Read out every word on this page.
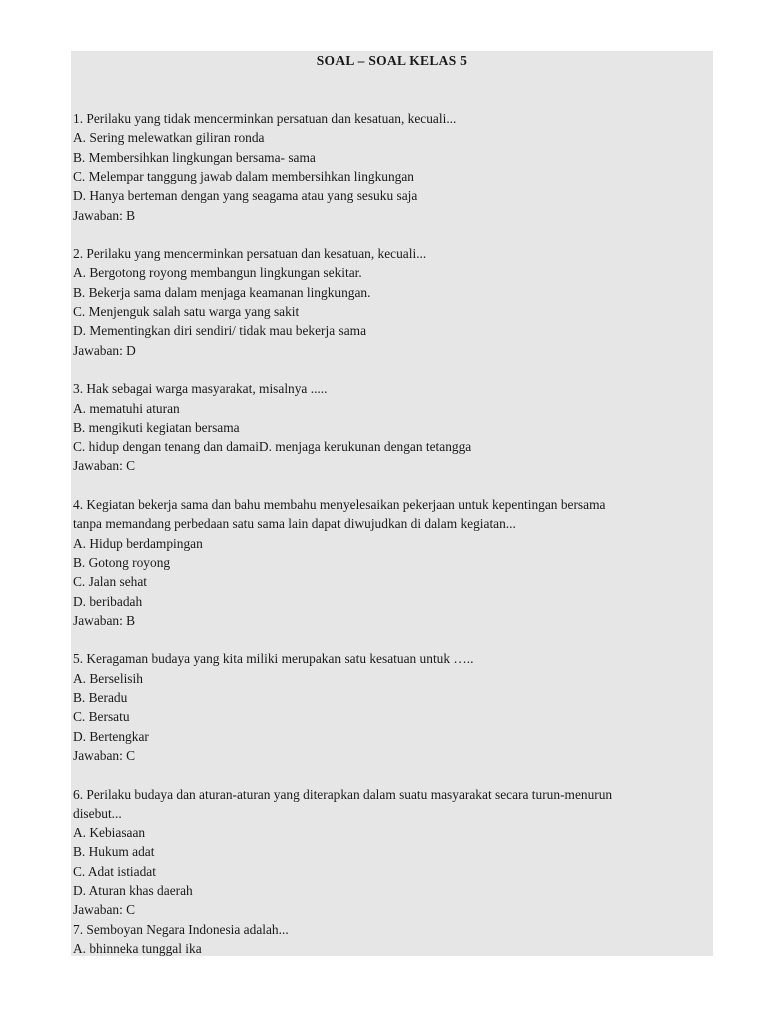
SOAL – SOAL KELAS 5
1. Perilaku yang tidak mencerminkan persatuan dan kesatuan, kecuali...
A. Sering melewatkan giliran ronda
B. Membersihkan lingkungan bersama- sama
C. Melempar tanggung jawab dalam membersihkan lingkungan
D. Hanya berteman dengan yang seagama atau yang sesuku saja
Jawaban: B
2. Perilaku yang mencerminkan persatuan dan kesatuan, kecuali...
A. Bergotong royong membangun lingkungan sekitar.
B. Bekerja sama dalam menjaga keamanan lingkungan.
C. Menjenguk salah satu warga yang sakit
D. Mementingkan diri sendiri/ tidak mau bekerja sama
Jawaban: D
3. Hak sebagai warga masyarakat, misalnya .....
A. mematuhi aturan
B. mengikuti kegiatan bersama
C. hidup dengan tenang dan damaiD. menjaga kerukunan dengan tetangga
Jawaban: C
4. Kegiatan bekerja sama dan bahu membahu menyelesaikan pekerjaan untuk kepentingan bersama
tanpa memandang perbedaan satu sama lain dapat diwujudkan di dalam kegiatan...
A. Hidup berdampingan
B. Gotong royong
C. Jalan sehat
D. beribadah
Jawaban: B
5. Keragaman budaya yang kita miliki merupakan satu kesatuan untuk …..
A. Berselisih
B. Beradu
C. Bersatu
D. Bertengkar
Jawaban: C
6. Perilaku budaya dan aturan-aturan yang diterapkan dalam suatu masyarakat secara turun-menurun
disebut...
A. Kebiasaan
B. Hukum adat
C. Adat istiadat
D. Aturan khas daerah
Jawaban: C
7. Semboyan Negara Indonesia adalah...
A. bhinneka tunggal ika
